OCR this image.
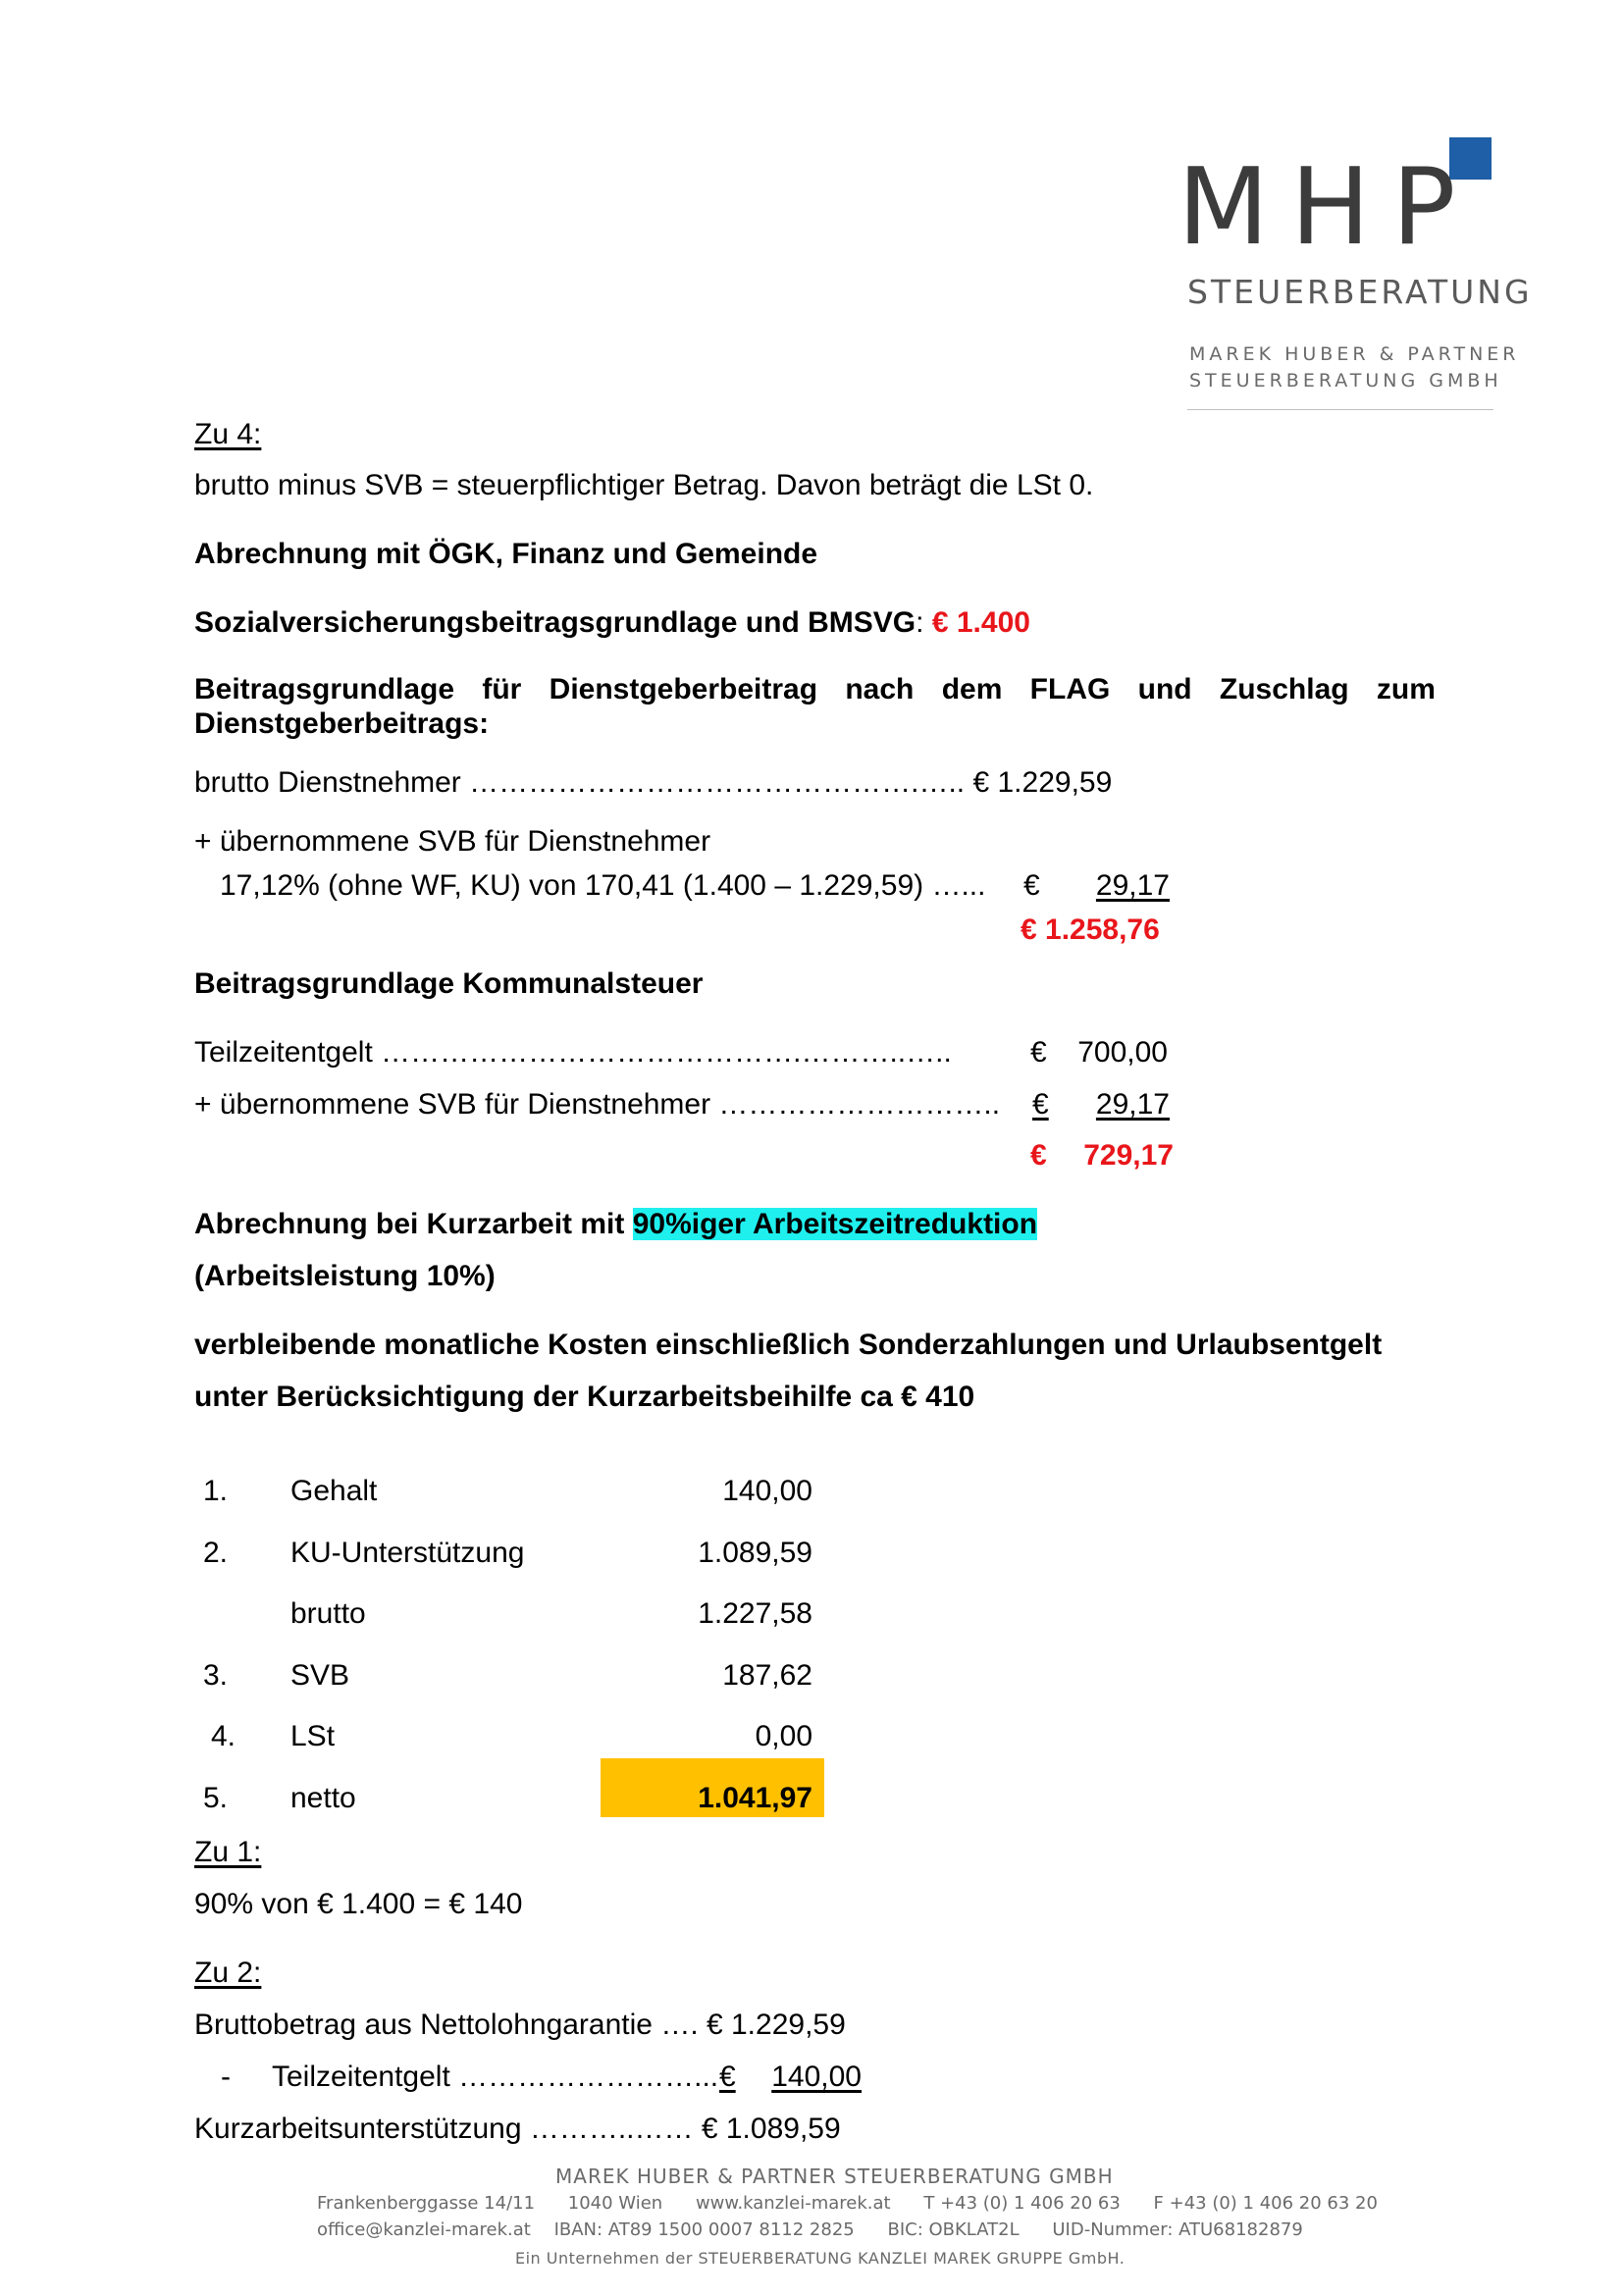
MHP
STEUERBERATUNG
MAREK HUBER & PARTNER
STEUERBERATUNG GMBH
Zu 4:
brutto minus SVB = steuerpflichtiger Betrag. Davon beträgt die LSt 0.
Abrechnung mit ÖGK, Finanz und Gemeinde
Sozialversicherungsbeitragsgrundlage und BMSVG: € 1.400
Beitragsgrundlage für Dienstgeberbeitrag nach dem FLAG und Zuschlag zum
Dienstgeberbeitrags:
brutto Dienstnehmer ……………………………………….….. € 1.229,59
+ übernommene SVB für Dienstnehmer
17,12% (ohne WF, KU) von 170,41 (1.400 – 1.229,59) …... €	29,17
€ 1.258,76
Beitragsgrundlage Kommunalsteuer
Teilzeitentgelt …………………………………….………..…..	€	700,00
+ übernommene SVB für Dienstnehmer ……………………….. €	29,17
€	729,17
Abrechnung bei Kurzarbeit mit 90%iger Arbeitszeitreduktion
(Arbeitsleistung 10%)
verbleibende monatliche Kosten einschließlich Sonderzahlungen und Urlaubsentgelt
unter Berücksichtigung der Kurzarbeitsbeihilfe ca € 410
1. Gehalt	140,00
2. KU-Unterstützung	1.089,59
brutto	1.227,58
3. SVB	187,62
4. LSt	0,00
5. netto	1.041,97
Zu 1:
90% von € 1.400 = € 140
Zu 2:
Bruttobetrag aus Nettolohngarantie …. € 1.229,59
- Teilzeitentgelt ……………………... €	140,00
Kurzarbeitsunterstützung ………..…… € 1.089,59
MAREK HUBER & PARTNER STEUERBERATUNG GMBH
Frankenberggasse 14/11 1040 Wien www.kanzlei-marek.at T +43 (0) 1 406 20 63 F +43 (0) 1 406 20 63 20
office@kanzlei-marek.at IBAN: AT89 1500 0007 8112 2825 BIC: OBKLAT2L UID-Nummer: ATU68182879
Ein Unternehmen der STEUERBERATUNG KANZLEI MAREK GRUPPE GmbH.
